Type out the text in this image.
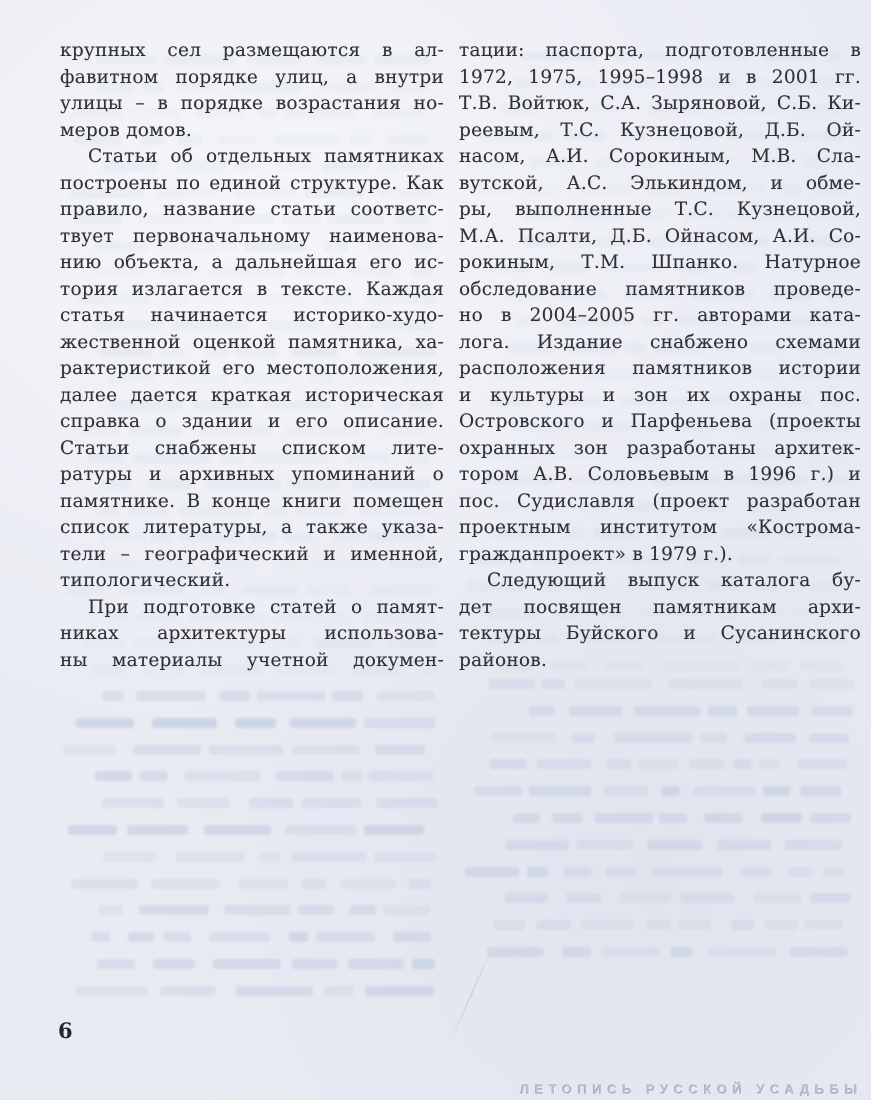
крупных сел размещаются в ал-
фавитном порядке улиц, а внутри
улицы – в порядке возрастания но-
меров домов.
Статьи об отдельных памятниках
построены по единой структуре. Как
правило, название статьи соответс-
твует первоначальному наименова-
нию объекта, а дальнейшая его ис-
тория излагается в тексте. Каждая
статья начинается историко-худо-
жественной оценкой памятника, ха-
рактеристикой его местоположения,
далее дается краткая историческая
справка о здании и его описание.
Статьи снабжены списком лите-
ратуры и архивных упоминаний о
памятнике. В конце книги помещен
список литературы, а также указа-
тели – географический и именной,
типологический.
При подготовке статей о памят-
никах архитектуры использова-
ны материалы учетной докумен-
тации: паспорта, подготовленные в
1972, 1975, 1995–1998 и в 2001 гг.
Т.В. Войтюк, С.А. Зыряновой, С.Б. Ки-
реевым, Т.С. Кузнецовой, Д.Б. Ой-
насом, А.И. Сорокиным, М.В. Сла-
вутской, А.С. Элькиндом, и обме-
ры, выполненные Т.С. Кузнецовой,
М.А. Псалти, Д.Б. Ойнасом, А.И. Со-
рокиным, Т.М. Шпанко. Натурное
обследование памятников проведе-
но в 2004–2005 гг. авторами ката-
лога. Издание снабжено схемами
расположения памятников истории
и культуры и зон их охраны пос.
Островского и Парфеньева (проекты
охранных зон разработаны архитек-
тором А.В. Соловьевым в 1996 г.) и
пос. Судиславля (проект разработан
проектным институтом «Кострома-
гражданпроект» в 1979 г.).
Следующий выпуск каталога бу-
дет посвящен памятникам архи-
тектуры Буйского и Сусанинского
районов.
6
ЛЕТОПИСЬ РУССКОЙ УСАДЬБЫ
